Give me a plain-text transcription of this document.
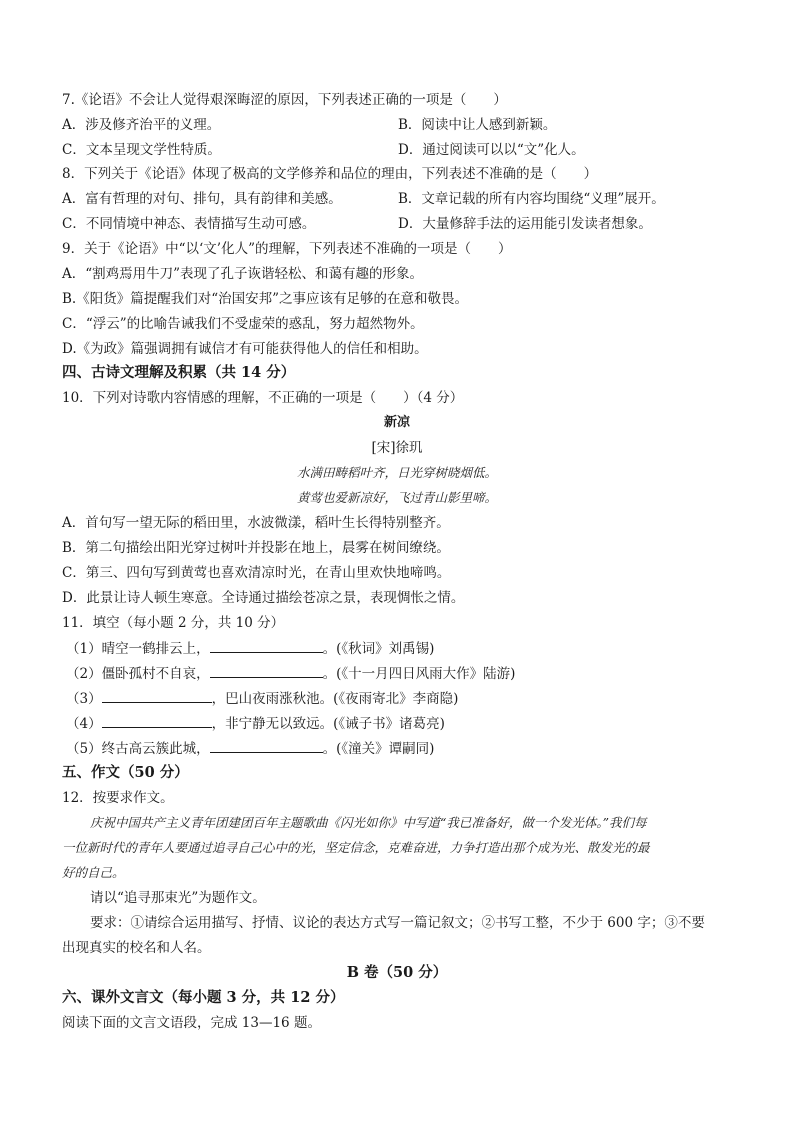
7.《论语》不会让人觉得艰深晦涩的原因，下列表述正确的一项是（　　）
A．涉及修齐治平的义理。	B．阅读中让人感到新颖。
C．文本呈现文学性特质。	D．通过阅读可以以“文”化人。
8．下列关于《论语》体现了极高的文学修养和品位的理由，下列表述不准确的是（　　）
A．富有哲理的对句、排句，具有韵律和美感。	B．文章记载的所有内容均围绕“义理”展开。
C．不同情境中神态、表情描写生动可感。	D．大量修辞手法的运用能引发读者想象。
9．关于《论语》中“以‘文’化人”的理解，下列表述不准确的一项是（　　）
A．“割鸡焉用牛刀”表现了孔子诙谐轻松、和蔼有趣的形象。
B.《阳货》篇提醒我们对“治国安邦”之事应该有足够的在意和敬畏。
C．“浮云”的比喻告诫我们不受虚荣的惑乱，努力超然物外。
D.《为政》篇强调拥有诚信才有可能获得他人的信任和相助。
四、古诗文理解及积累（共 14 分）
10．下列对诗歌内容情感的理解，不正确的一项是（　　）（4 分）
新凉
[宋]徐玑
水满田畴稻叶齐，日光穿树晓烟低。
黄莺也爱新凉好，飞过青山影里啼。
A．首句写一望无际的稻田里，水波微漾，稻叶生长得特别整齐。
B．第二句描绘出阳光穿过树叶并投影在地上，晨雾在树间缭绕。
C．第三、四句写到黄莺也喜欢清凉时光，在青山里欢快地啼鸣。
D．此景让诗人顿生寒意。全诗通过描绘苍凉之景，表现惆怅之情。
11．填空（每小题 2 分，共 10 分）
（1）晴空一鹤排云上，	。(《秋词》刘禹锡)
（2）僵卧孤村不自哀，	。(《十一月四日风雨大作》陆游)
（3）	，巴山夜雨涨秋池。(《夜雨寄北》李商隐)
（4）	，非宁静无以致远。(《诫子书》诸葛亮)
（5）终古高云簇此城，	。(《潼关》谭嗣同)
五、作文（50 分）
12．按要求作文。
庆祝中国共产主义青年团建团百年主题歌曲《闪光如你》中写道“我已准备好，做一个发光体。”我们每
一位新时代的青年人要通过追寻自己心中的光，坚定信念，克难奋进，力争打造出那个成为光、散发光的最
好的自己。
请以“追寻那束光”为题作文。
要求：①请综合运用描写、抒情、议论的表达方式写一篇记叙文；②书写工整，不少于 600 字；③不要
出现真实的校名和人名。
B 卷（50 分）
六、课外文言文（每小题 3 分，共 12 分）
阅读下面的文言文语段，完成 13—16 题。
